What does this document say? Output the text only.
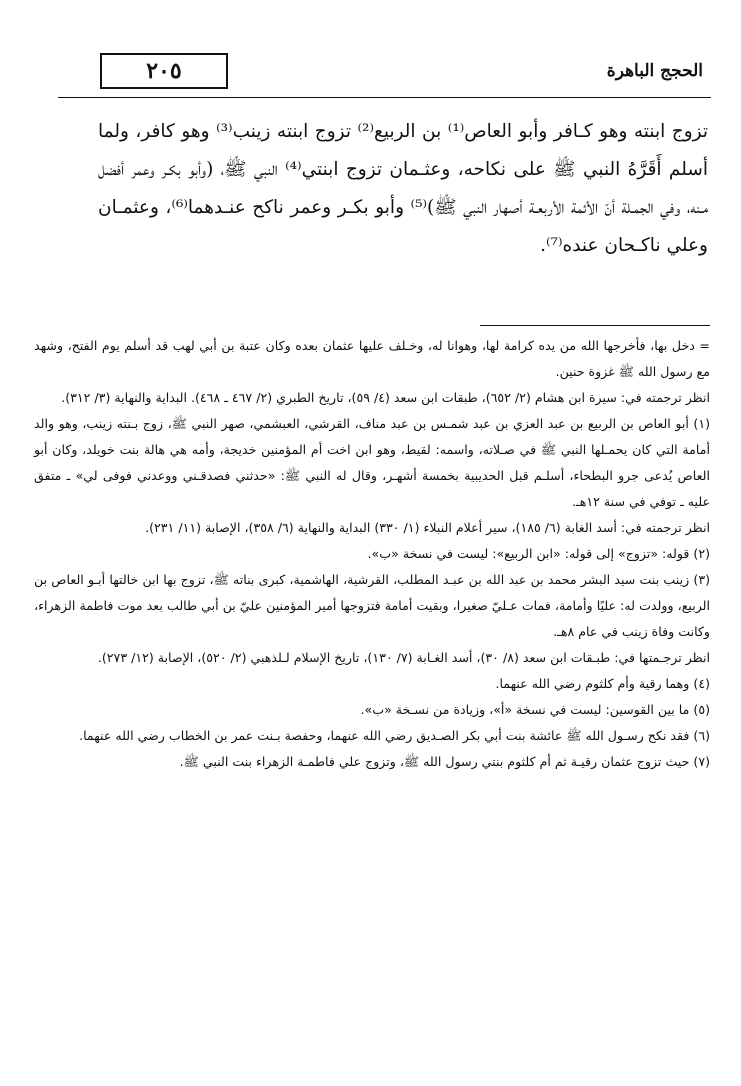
٢٠٥	الحجج الباهرة

تزوج ابنته وهو كـافر وأبو العاص⁽¹⁾ بن الربيع⁽²⁾ تزوج ابنته زينب⁽³⁾ وهو كافر، ولما أسلم أَقَرَّهُ النبي ﷺ على نكاحه، وعثـمان تزوج ابنتي⁽⁴⁾ النبي ﷺ، (وأبو بكـر وعمر أفضل مـنه، وفي الجمـلة أنّ الأئمة الأربعـة أصهار النبي ﷺ)⁽⁵⁾ وأبو بكـر وعمر ناكح عنـدهما⁽⁶⁾، وعثمـان وعلي ناكـحان عنده⁽⁷⁾.

= دخل بها، فأخرجها الله من يده كرامة لها، وهوانا له، وخـلف عليها عثمان بعده وكان عتبة بن أبي لهب قد أسلم يوم الفتح، وشهد مع رسول الله ﷺ غزوة حنين.

انظر ترجمته في: سيرة ابن هشام (٢/ ٦٥٢)، طبقات ابن سعد (٤/ ٥٩)، تاريخ الطبري (٢/ ٤٦٧ ـ ٤٦٨). البداية والنهاية (٣/ ٣١٢).

(١) أبو العاص بن الربيع بن عبد العزي بن عبد شمـس بن عبد مناف، القرشي، العبشمي، صهر النبي ﷺ، زوج بـنته زينب، وهو والد أمامة التي كان يحمـلها النبي ﷺ في صـلاته، واسمه: لقيط، وهو ابن اخت أم المؤمنين خديجة، وأمه هي هالة بنت خويلد، وكان أبو العاص يُدعى جرو البطحاء، أسلـم قبل الحديبية بخمسة أشهـر، وقال له النبي ﷺ: «حدثني فصدقـني ووعدني فوفى لي» ـ متفق عليه ـ توفي في سنة ١٢هـ.

انظر ترجمته في: أسد الغابة (٦/ ١٨٥)، سير أعلام النبلاء (١/ ٣٣٠) البداية والنهاية (٦/ ٣٥٨)، الإصابة (١١/ ٢٣١).

(٢) قوله: «تزوج» إلى قوله: «ابن الربيع»: ليست في نسخة «ب».

(٣) زينب بنت سيد البشر محمد بن عبد الله بن عبـد المطلب، القرشية، الهاشمية، كبرى بناته ﷺ، تزوج بها ابن خالتها أبـو العاص بن الربيع، وولدت له: عليًا وأمامة، فمات عـليّ صغيرا، وبقيت أمامة فتزوجها أمير المؤمنين عليّ بن أبي طالب بعد موت فاطمة الزهراء، وكانت وفاة زينب في عام ٨هـ.

انظر ترجـمتها في: طبـقات ابن سعد (٨/ ٣٠)، أسد الغـابة (٧/ ١٣٠)، تاريخ الإسلام لـلذهبي (٢/ ٥٢٠)، الإصابة (١٢/ ٢٧٣).

(٤) وهما رقية وأم كلثوم رضي الله عنهما.

(٥) ما بين القوسين: ليست في نسخة «أ»، وزيادة من نسـخة «ب».

(٦) فقد نكح رسـول الله ﷺ عائشة بنت أبي بكر الصـديق رضي الله عنهما، وحفصة بـنت عمر بن الخطاب رضي الله عنهما.

(٧) حيث تزوج عثمان رقيـة ثم أم كلثوم بنتي رسول الله ﷺ، وتزوج علي فاطمـة الزهراء بنت النبي ﷺ.
